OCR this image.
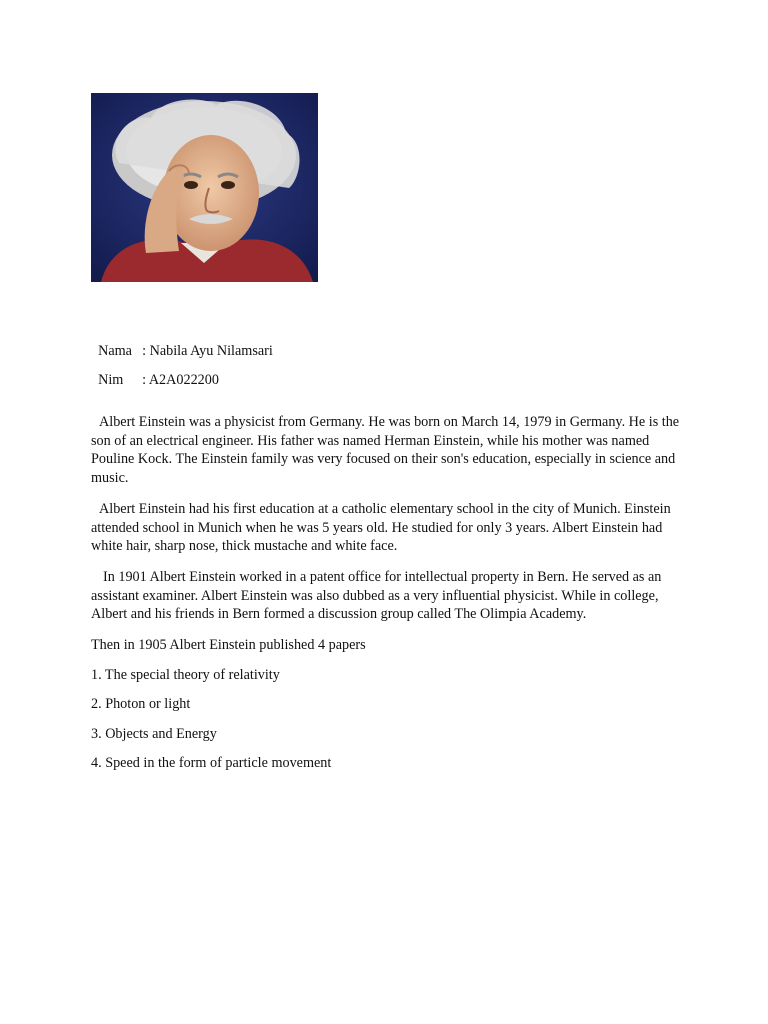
Nama : Nabila Ayu Nilamsari

Nim : A2A022200

Albert Einstein was a physicist from Germany. He was born on March 14, 1979 in Germany. He is the son of an electrical engineer. His father was named Herman Einstein, while his mother was named Pouline Kock. The Einstein family was very focused on their son's education, especially in science and music.

Albert Einstein had his first education at a catholic elementary school in the city of Munich. Einstein attended school in Munich when he was 5 years old. He studied for only 3 years. Albert Einstein had white hair, sharp nose, thick mustache and white face.

In 1901 Albert Einstein worked in a patent office for intellectual property in Bern. He served as an assistant examiner. Albert Einstein was also dubbed as a very influential physicist. While in college, Albert and his friends in Bern formed a discussion group called The Olimpia Academy.

Then in 1905 Albert Einstein published 4 papers
1. The special theory of relativity
2. Photon or light
3. Objects and Energy
4. Speed in the form of particle movement
